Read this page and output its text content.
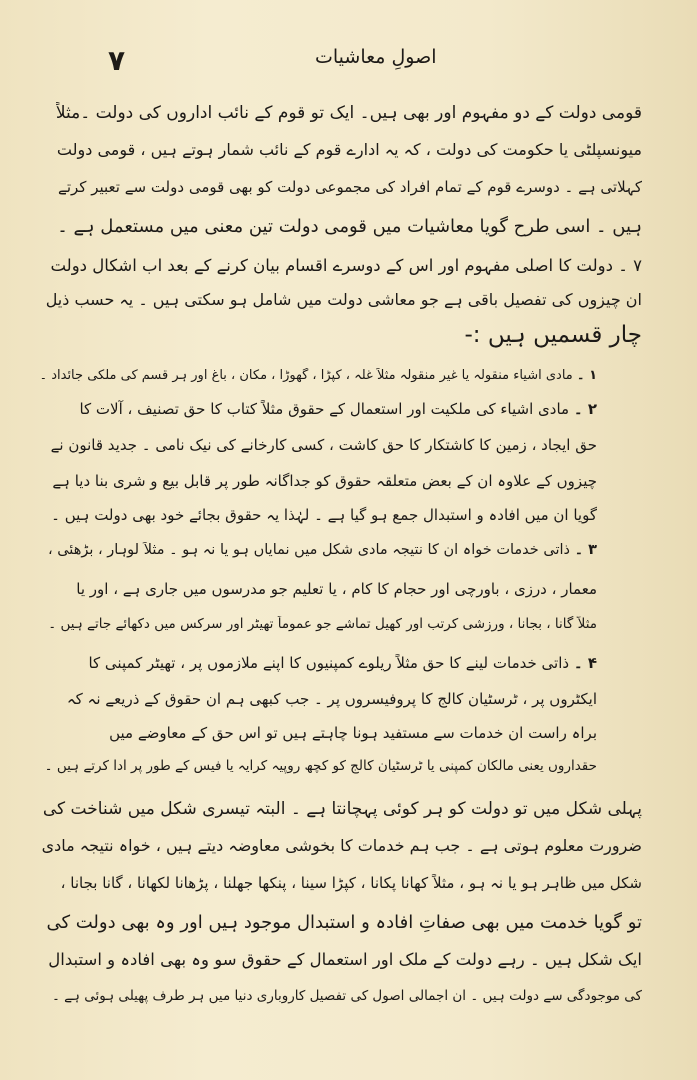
۷	اصولِ معاشیات
قومی دولت کے دو مفہوم اور بھی ہیں۔ ایک تو قوم کے نائب اداروں کی دولت ۔مثلاً
میونسپلٹی یا حکومت کی دولت ، کہ یہ ادارے قوم کے نائب شمار ہوتے ہیں ، قومی دولت
کہلاتی ہے ۔ دوسرے قوم کے تمام افراد کی مجموعی دولت کو بھی قومی دولت سے تعبیر کرتے
ہیں ۔ اسی طرح گویا معاشیات میں قومی دولت تین معنی میں مستعمل ہے ۔
۷ ۔ دولت کا اصلی مفہوم اور اس کے دوسرے اقسام بیان کرنے کے بعد اب اشکالِ دولت
ان چیزوں کی تفصیل باقی ہے جو معاشی دولت میں شامل ہو سکتی ہیں ۔ یہ حسب ذیل
چار قسمیں ہیں :-
۱ ۔ مادی اشیاء منقولہ یا غیر منقولہ مثلاً غلہ ، کپڑا ، گھوڑا ، مکان ، باغ اور ہر قسم کی ملکی جائداد ۔
۲ ۔ مادی اشیاء کی ملکیت اور استعمال کے حقوق مثلاً کتاب کا حق تصنیف ، آلات کا
حق ایجاد ، زمین کا کاشتکار کا حق کاشت ، کسی کارخانے کی نیک نامی ۔ جدید قانون نے
چیزوں کے علاوہ ان کے بعض متعلقہ حقوق کو جداگانہ طور پر قابل بیع و شری بنا دیا ہے
گویا ان میں افادہ و استبدال جمع ہو گیا ہے ۔ لہٰذا یہ حقوق بجائے خود بھی دولت ہیں ۔
۳ ۔ ذاتی خدمات خواہ ان کا نتیجہ مادی شکل میں نمایاں ہو یا نہ ہو ۔ مثلاً لوہار ، بڑھئی ،
معمار ، درزی ، باورچی اور حجام کا کام ، یا تعلیم جو مدرسوں میں جاری ہے ، اور یا
مثلاً گانا ، بجانا ، ورزشی کرتب اور کھیل تماشے جو عموماً تھیٹر اور سرکس میں دکھائے جاتے ہیں ۔
۴ ۔ ذاتی خدمات لینے کا حق مثلاً ریلوے کمپنیوں کا اپنے ملازموں پر ، تھیٹر کمپنی کا
ایکٹروں پر ، ٹرسٹیان کالج کا پروفیسروں پر ۔ جب کبھی ہم ان حقوق کے ذریعے نہ کہ
براہ راست ان خدمات سے مستفید ہونا چاہتے ہیں تو اس حق کے معاوضے میں
حقداروں یعنی مالکان کمپنی یا ٹرسٹیان کالج کو کچھ روپیہ کرایہ یا فیس کے طور پر ادا کرتے ہیں ۔
پہلی شکل میں تو دولت کو ہر کوئی پہچانتا ہے ۔ البتہ تیسری شکل میں شناخت کی
ضرورت معلوم ہوتی ہے ۔ جب ہم خدمات کا بخوشی معاوضہ دیتے ہیں ، خواہ نتیجہ مادی
شکل میں ظاہر ہو یا نہ ہو ، مثلاً کھانا پکانا ، کپڑا سینا ، پنکھا جھلنا ، پڑھانا لکھانا ، گانا بجانا ،
تو گویا خدمت میں بھی صفاتِ افادہ و استبدال موجود ہیں اور وہ بھی دولت کی
ایک شکل ہیں ۔ رہے دولت کے ملک اور استعمال کے حقوق سو وہ بھی افادہ و استبدال
کی موجودگی سے دولت ہیں ۔ ان اجمالی اصول کی تفصیل کاروباری دنیا میں ہر طرف پھیلی ہوئی ہے ۔
